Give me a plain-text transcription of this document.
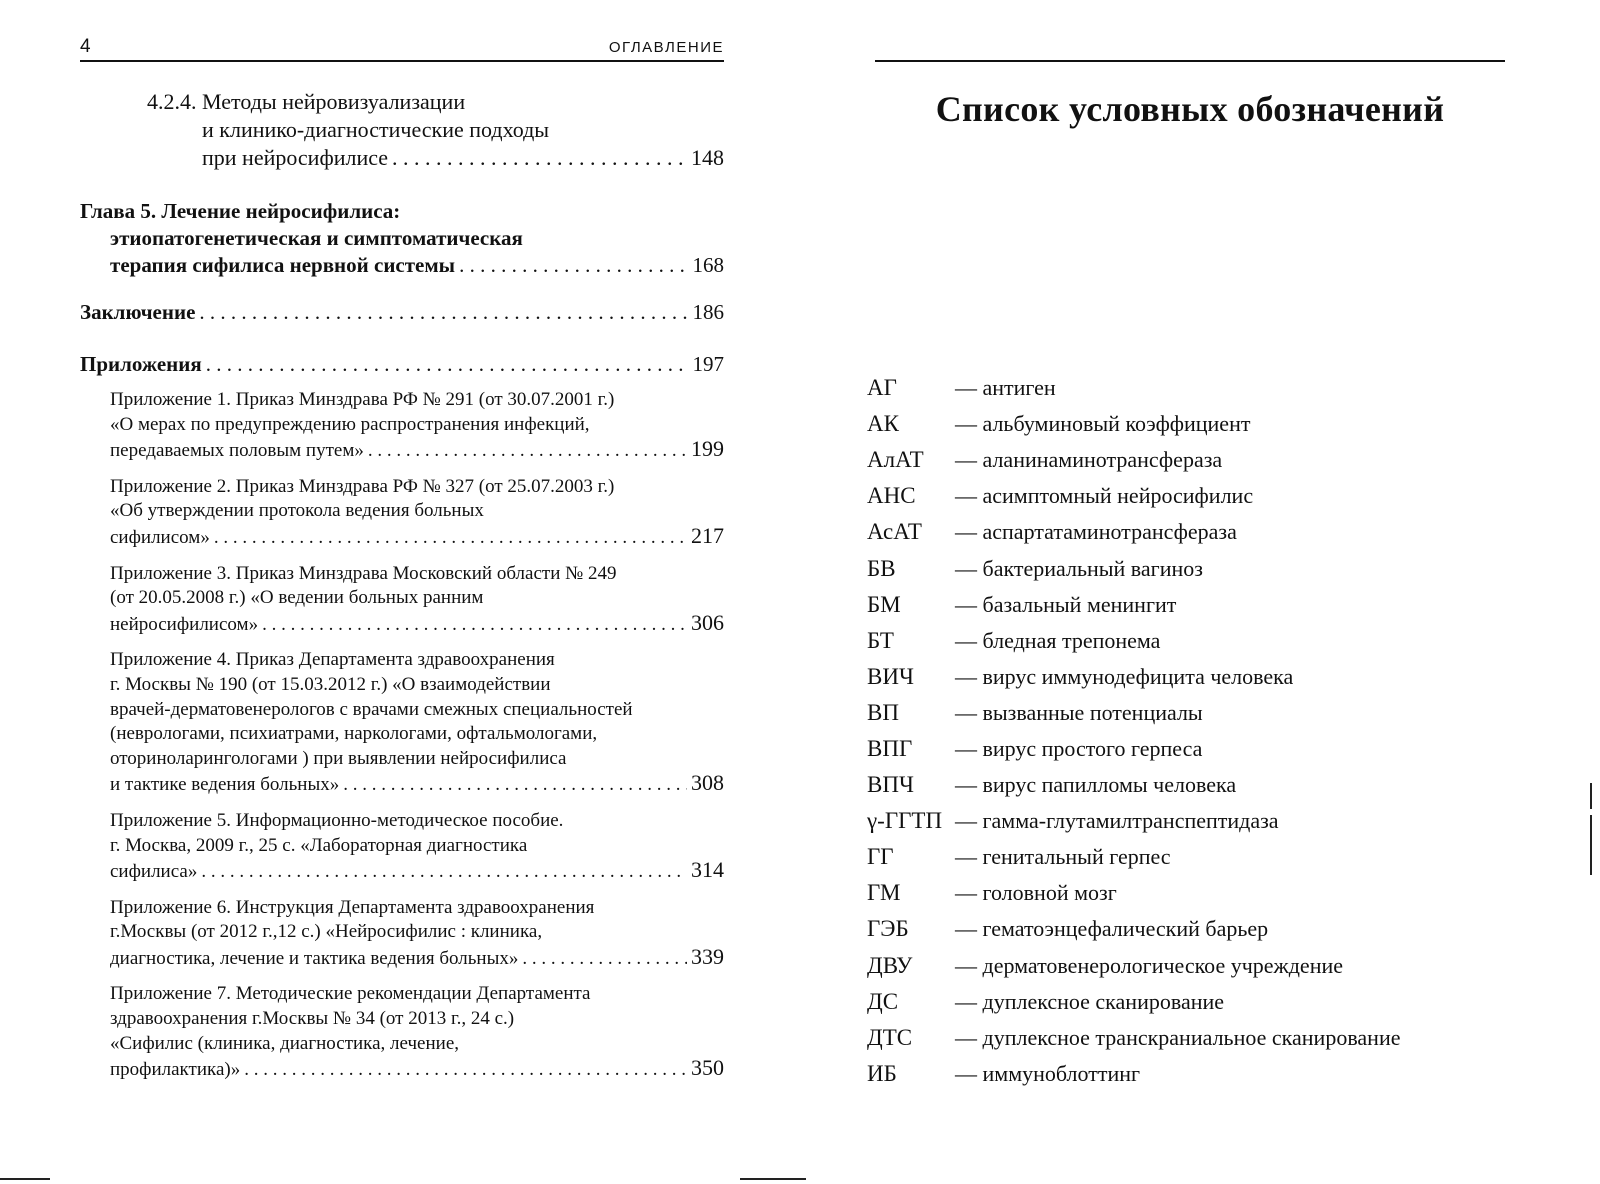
4	ОГЛАВЛЕНИЕ
4.2.4. Методы нейровизуализации
и клинико-диагностические подходы
при нейросифилисе . . .	148
Глава 5. Лечение нейросифилиса:
этиопатогенетическая и симптоматическая
терапия сифилиса нервной системы . . .	168
Заключение . . .	186
Приложения . . .	197
Приложение 1. Приказ Минздрава РФ № 291 (от 30.07.2001 г.)
«О мерах по предупреждению распространения инфекций,
передаваемых половым путем» . . .	199
Приложение 2. Приказ Минздрава РФ № 327 (от 25.07.2003 г.)
«Об утверждении протокола ведения больных
сифилисом» . . .	217
Приложение 3. Приказ Минздрава Московский области № 249
(от 20.05.2008 г.) «О ведении больных ранним
нейросифилисом» . . .	306
Приложение 4. Приказ Департамента здравоохранения
г. Москвы № 190 (от 15.03.2012 г.) «О взаимодействии
врачей-дерматовенерологов с врачами смежных специальностей
(неврологами, психиатрами, наркологами, офтальмологами,
оториноларингологами ) при выявлении нейросифилиса
и тактике ведения больных» . . .	308
Приложение 5. Информационно-методическое пособие.
г. Москва, 2009 г., 25 с. «Лабораторная диагностика
сифилиса» . . .	314
Приложение 6. Инструкция Департамента здравоохранения
г.Москвы (от 2012 г.,12 с.) «Нейросифилис : клиника,
диагностика, лечение и тактика ведения больных» . . .	339
Приложение 7. Методические рекомендации Департамента
здравоохранения г.Москвы № 34 (от 2013 г., 24 с.)
«Сифилис (клиника, диагностика, лечение,
профилактика)» . . .	350
Список условных обозначений
АГ	— антиген
АК	— альбуминовый коэффициент
АлАТ	— аланинаминотрансфераза
АНС	— асимптомный нейросифилис
АсАТ	— аспартатаминотрансфераза
БВ	— бактериальный вагиноз
БМ	— базальный менингит
БТ	— бледная трепонема
ВИЧ	— вирус иммунодефицита человека
ВП	— вызванные потенциалы
ВПГ	— вирус простого герпеса
ВПЧ	— вирус папилломы человека
γ-ГГТП — гамма-глутамилтранспептидаза
ГГ	— генитальный герпес
ГМ	— головной мозг
ГЭБ	— гематоэнцефалический барьер
ДВУ	— дерматовенерологическое учреждение
ДС	— дуплексное сканирование
ДТС	— дуплексное транскраниальное сканирование
ИБ	— иммуноблоттинг
